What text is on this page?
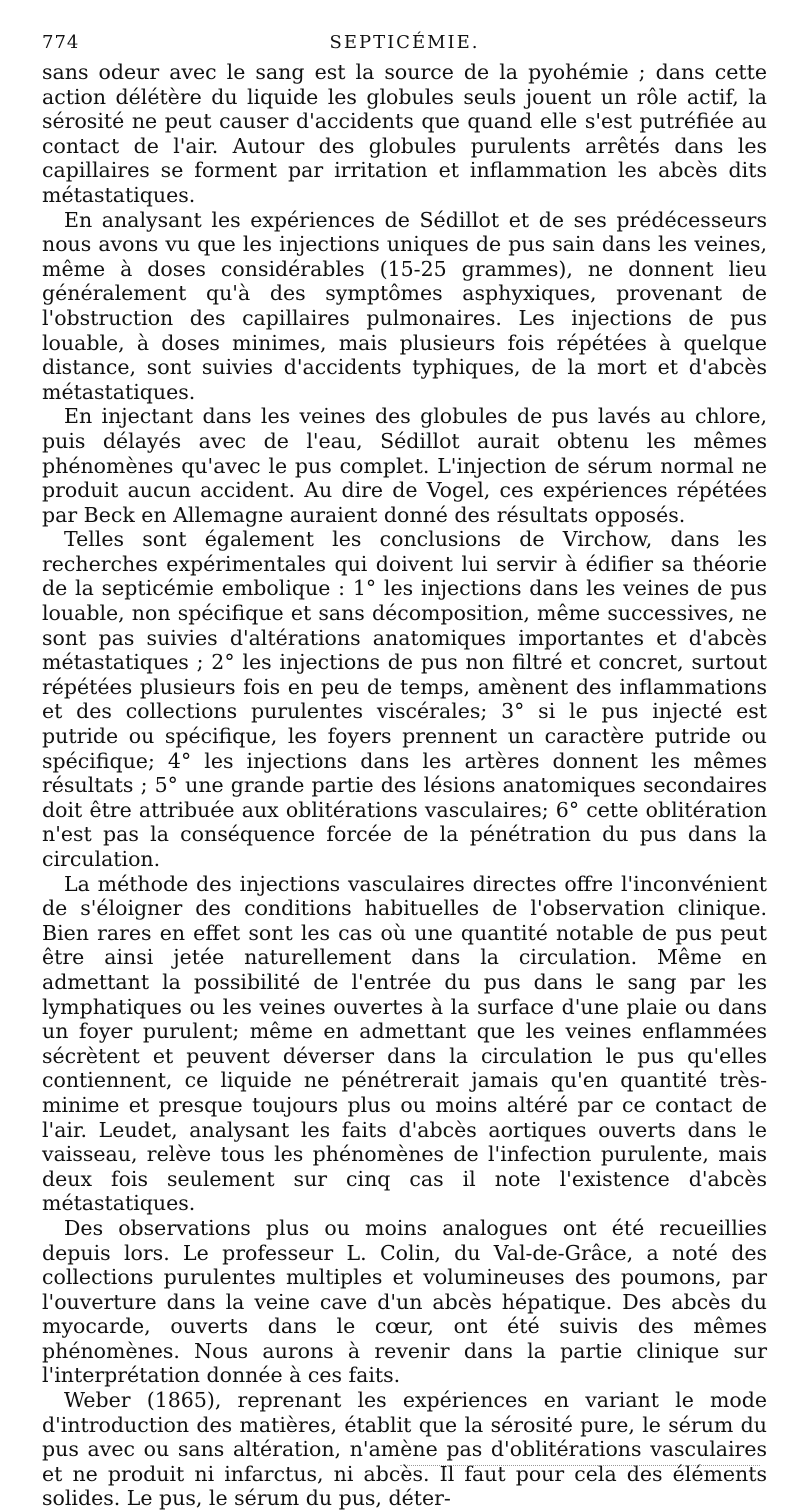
774	SEPTICÉMIE.

sans odeur avec le sang est la source de la pyohémie ; dans cette action délétère du liquide les globules seuls jouent un rôle actif, la sérosité ne peut causer d'accidents que quand elle s'est putréfiée au contact de l'air. Autour des globules purulents arrêtés dans les capillaires se forment par irritation et inflammation les abcès dits métastatiques.

En analysant les expériences de Sédillot et de ses prédécesseurs nous avons vu que les injections uniques de pus sain dans les veines, même à doses considérables (15-25 grammes), ne donnent lieu généralement qu'à des symptômes asphyxiques, provenant de l'obstruction des capillaires pulmonaires. Les injections de pus louable, à doses minimes, mais plusieurs fois répétées à quelque distance, sont suivies d'accidents typhiques, de la mort et d'abcès métastatiques.

En injectant dans les veines des globules de pus lavés au chlore, puis délayés avec de l'eau, Sédillot aurait obtenu les mêmes phénomènes qu'avec le pus complet. L'injection de sérum normal ne produit aucun accident. Au dire de Vogel, ces expériences répétées par Beck en Allemagne auraient donné des résultats opposés.

Telles sont également les conclusions de Virchow, dans les recherches expérimentales qui doivent lui servir à édifier sa théorie de la septicémie embolique : 1° les injections dans les veines de pus louable, non spécifique et sans décomposition, même successives, ne sont pas suivies d'altérations anatomiques importantes et d'abcès métastatiques ; 2° les injections de pus non filtré et concret, surtout répétées plusieurs fois en peu de temps, amènent des inflammations et des collections purulentes viscérales; 3° si le pus injecté est putride ou spécifique, les foyers prennent un caractère putride ou spécifique; 4° les injections dans les artères donnent les mêmes résultats ; 5° une grande partie des lésions anatomiques secondaires doit être attribuée aux oblitérations vasculaires; 6° cette oblitération n'est pas la conséquence forcée de la pénétration du pus dans la circulation.

La méthode des injections vasculaires directes offre l'inconvénient de s'éloigner des conditions habituelles de l'observation clinique. Bien rares en effet sont les cas où une quantité notable de pus peut être ainsi jetée naturellement dans la circulation. Même en admettant la possibilité de l'entrée du pus dans le sang par les lymphatiques ou les veines ouvertes à la surface d'une plaie ou dans un foyer purulent; même en admettant que les veines enflammées sécrètent et peuvent déverser dans la circulation le pus qu'elles contiennent, ce liquide ne pénétrerait jamais qu'en quantité très-minime et presque toujours plus ou moins altéré par ce contact de l'air. Leudet, analysant les faits d'abcès aortiques ouverts dans le vaisseau, relève tous les phénomènes de l'infection purulente, mais deux fois seulement sur cinq cas il note l'existence d'abcès métastatiques.

Des observations plus ou moins analogues ont été recueillies depuis lors. Le professeur L. Colin, du Val-de-Grâce, a noté des collections purulentes multiples et volumineuses des poumons, par l'ouverture dans la veine cave d'un abcès hépatique. Des abcès du myocarde, ouverts dans le cœur, ont été suivis des mêmes phénomènes. Nous aurons à revenir dans la partie clinique sur l'interprétation donnée à ces faits.

Weber (1865), reprenant les expériences en variant le mode d'introduction des matières, établit que la sérosité pure, le sérum du pus avec ou sans altération, n'amène pas d'oblitérations vasculaires et ne produit ni infarctus, ni abcès. Il faut pour cela des éléments solides. Le pus, le sérum du pus, déter-
